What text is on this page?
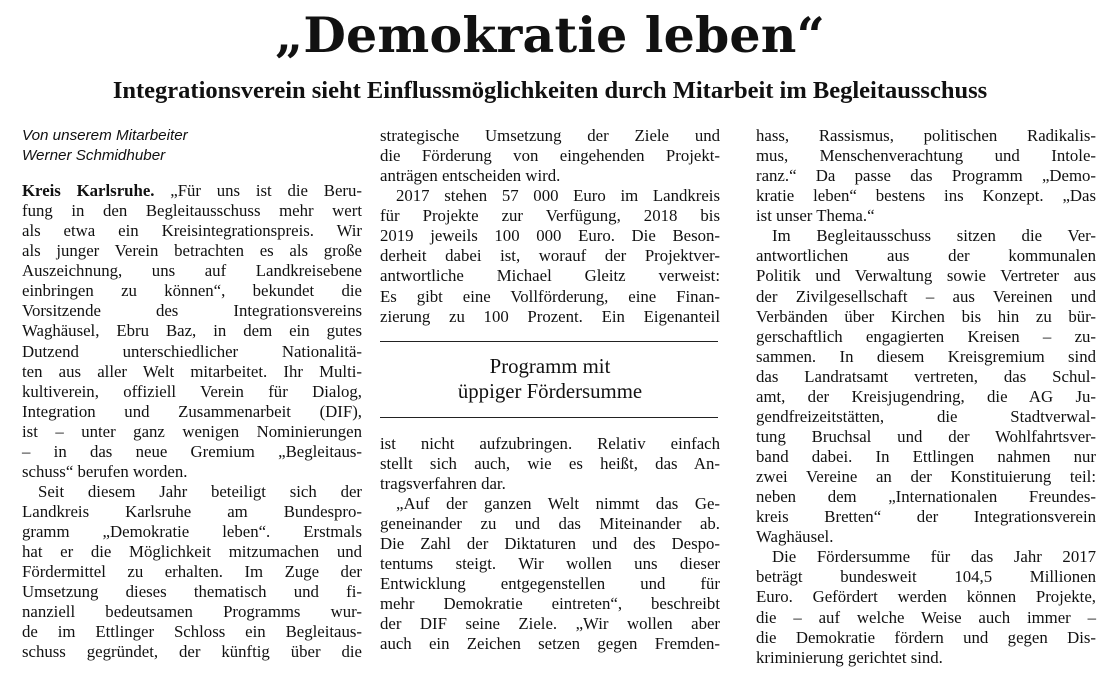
„Demokratie leben“
Integrationsverein sieht Einflussmöglichkeiten durch Mitarbeit im Begleitausschuss

Von unserem Mitarbeiter

Werner Schmidhuber

Kreis Karlsruhe. „Für uns ist die Beru-
fung in den Begleitausschuss mehr wert
als etwa ein Kreisintegrationspreis. Wir
als junger Verein betrachten es als große
Auszeichnung, uns auf Landkreisebene
einbringen zu können“, bekundet die
Vorsitzende des Integrationsvereins
Waghäusel, Ebru Baz, in dem ein gutes
Dutzend unterschiedlicher Nationalitä-
ten aus aller Welt mitarbeitet. Ihr Multi-
kultiverein, offiziell Verein für Dialog,
Integration und Zusammenarbeit (DIF),
ist – unter ganz wenigen Nominierungen
– in das neue Gremium „Begleitaus-
schuss“ berufen worden.
Seit diesem Jahr beteiligt sich der
Landkreis Karlsruhe am Bundespro-
gramm „Demokratie leben“. Erstmals
hat er die Möglichkeit mitzumachen und
Fördermittel zu erhalten. Im Zuge der
Umsetzung dieses thematisch und fi-
nanziell bedeutsamen Programms wur-
de im Ettlinger Schloss ein Begleitaus-
schuss gegründet, der künftig über die
strategische Umsetzung der Ziele und
die Förderung von eingehenden Projekt-
anträgen entscheiden wird.
2017 stehen 57 000 Euro im Landkreis
für Projekte zur Verfügung, 2018 bis
2019 jeweils 100 000 Euro. Die Beson-
derheit dabei ist, worauf der Projektver-
antwortliche Michael Gleitz verweist:
Es gibt eine Vollförderung, eine Finan-
zierung zu 100 Prozent. Ein Eigenanteil
Programm mit
üppiger Fördersumme
ist nicht aufzubringen. Relativ einfach
stellt sich auch, wie es heißt, das An-
tragsverfahren dar.
„Auf der ganzen Welt nimmt das Ge-
geneinander zu und das Miteinander ab.
Die Zahl der Diktaturen und des Despo-
tentums steigt. Wir wollen uns dieser
Entwicklung entgegenstellen und für
mehr Demokratie eintreten“, beschreibt
der DIF seine Ziele. „Wir wollen aber
auch ein Zeichen setzen gegen Fremden-
hass, Rassismus, politischen Radikalis-
mus, Menschenverachtung und Intole-
ranz.“ Da passe das Programm „Demo-
kratie leben“ bestens ins Konzept. „Das
ist unser Thema.“
Im Begleitausschuss sitzen die Ver-
antwortlichen aus der kommunalen
Politik und Verwaltung sowie Vertreter aus
der Zivilgesellschaft – aus Vereinen und
Verbänden über Kirchen bis hin zu bür-
gerschaftlich engagierten Kreisen – zu-
sammen. In diesem Kreisgremium sind
das Landratsamt vertreten, das Schul-
amt, der Kreisjugendring, die AG Ju-
gendfreizeitstätten, die Stadtverwal-
tung Bruchsal und der Wohlfahrtsver-
band dabei. In Ettlingen nahmen nur
zwei Vereine an der Konstituierung teil:
neben dem „Internationalen Freundes-
kreis Bretten“ der Integrationsverein
Waghäusel.
Die Fördersumme für das Jahr 2017
beträgt bundesweit 104,5 Millionen
Euro. Gefördert werden können Projekte,
die – auf welche Weise auch immer –
die Demokratie fördern und gegen Dis-
kriminierung gerichtet sind.
